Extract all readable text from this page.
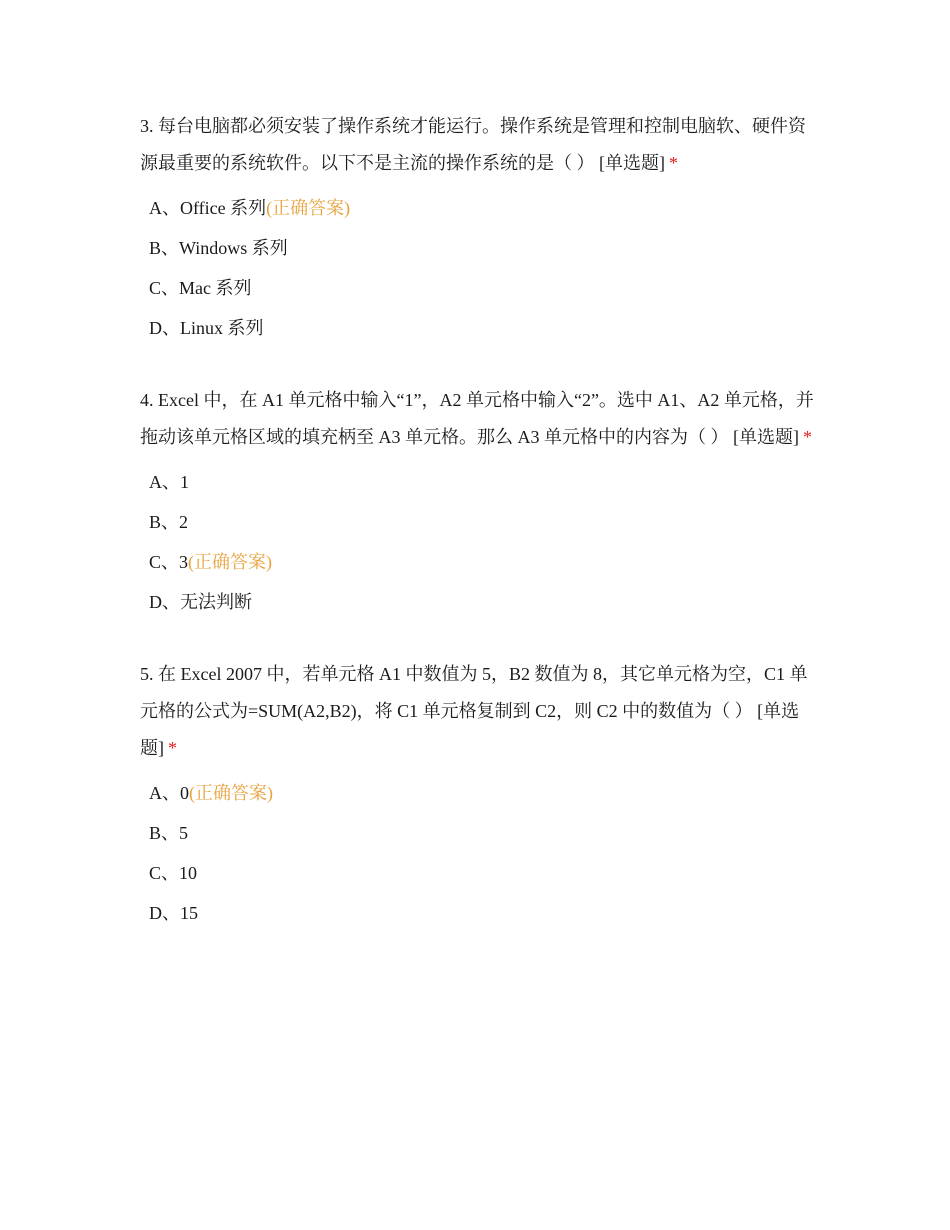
3. 每台电脑都必须安装了操作系统才能运行。操作系统是管理和控制电脑软、硬件资源最重要的系统软件。以下不是主流的操作系统的是（ ） [单选题] *

A、Office 系列(正确答案)
B、Windows 系列
C、Mac 系列
D、Linux 系列

4. Excel 中，在 A1 单元格中输入“1”，A2 单元格中输入“2”。选中 A1、A2 单元格，并拖动该单元格区域的填充柄至 A3 单元格。那么 A3 单元格中的内容为（ ） [单选题] *

A、1
B、2
C、3(正确答案)
D、无法判断

5. 在 Excel 2007 中，若单元格 A1 中数值为 5，B2 数值为 8，其它单元格为空，C1 单元格的公式为=SUM(A2,B2)，将 C1 单元格复制到 C2，则 C2 中的数值为（ ） [单选题] *

A、0(正确答案)
B、5
C、10
D、15
